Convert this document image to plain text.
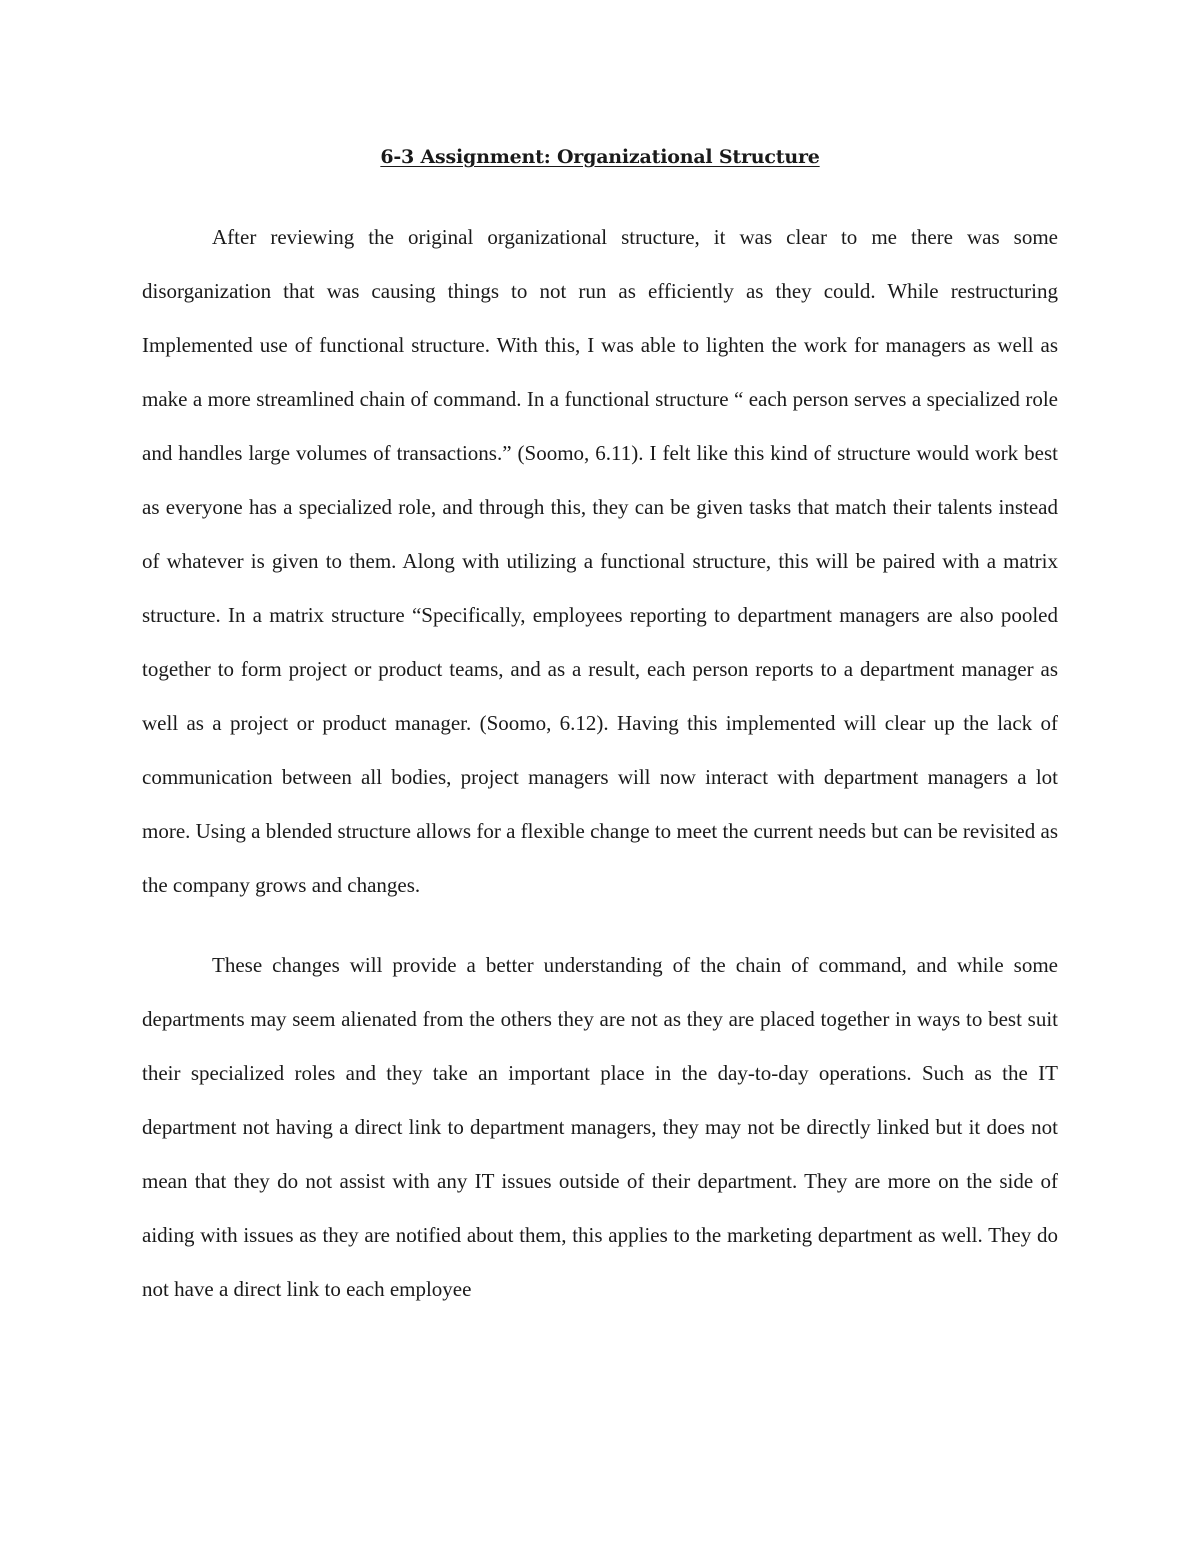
6-3 Assignment: Organizational Structure

After reviewing the original organizational structure, it was clear to me there was some disorganization that was causing things to not run as efficiently as they could. While restructuring Implemented use of functional structure. With this, I was able to lighten the work for managers as well as make a more streamlined chain of command. In a functional structure “ each person serves a specialized role and handles large volumes of transactions.” (Soomo, 6.11). I felt like this kind of structure would work best as everyone has a specialized role, and through this, they can be given tasks that match their talents instead of whatever is given to them. Along with utilizing a functional structure, this will be paired with a matrix structure. In a matrix structure “Specifically, employees reporting to department managers are also pooled together to form project or product teams, and as a result, each person reports to a department manager as well as a project or product manager. (Soomo, 6.12). Having this implemented will clear up the lack of communication between all bodies, project managers will now interact with department managers a lot more. Using a blended structure allows for a flexible change to meet the current needs but can be revisited as the company grows and changes.

These changes will provide a better understanding of the chain of command, and while some departments may seem alienated from the others they are not as they are placed together in ways to best suit their specialized roles and they take an important place in the day-to-day operations. Such as the IT department not having a direct link to department managers, they may not be directly linked but it does not mean that they do not assist with any IT issues outside of their department. They are more on the side of aiding with issues as they are notified about them, this applies to the marketing department as well. They do not have a direct link to each employee
